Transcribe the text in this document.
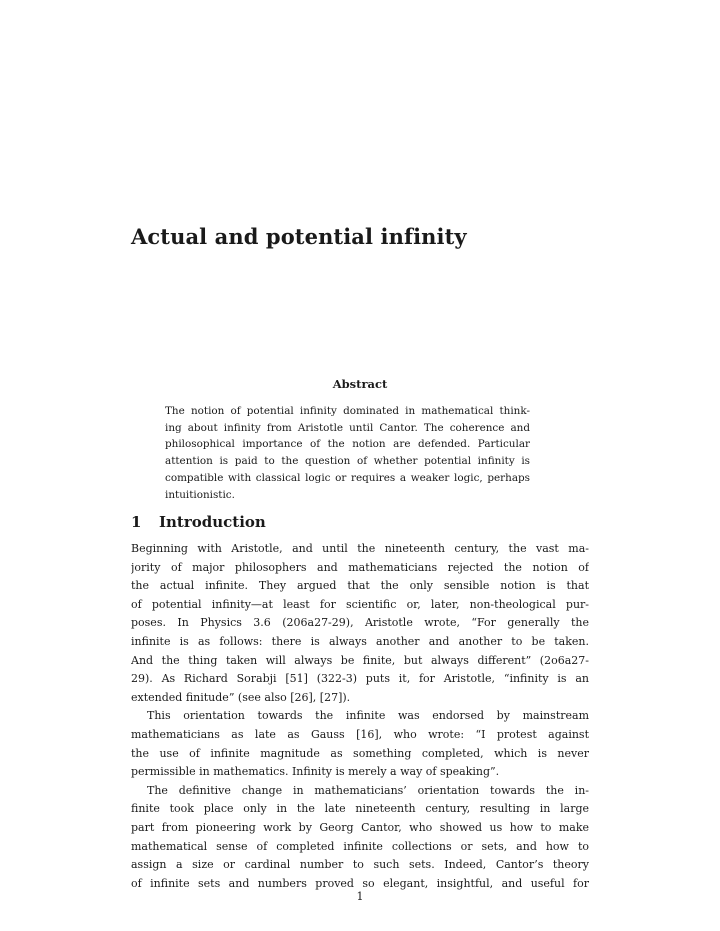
Actual and potential infinity
Abstract
The notion of potential infinity dominated in mathematical think-
ing about infinity from Aristotle until Cantor. The coherence and
philosophical importance of the notion are defended. Particular
attention is paid to the question of whether potential infinity is
compatible with classical logic or requires a weaker logic, perhaps
intuitionistic.
1 Introduction
Beginning with Aristotle, and until the nineteenth century, the vast ma-
jority of major philosophers and mathematicians rejected the notion of
the actual infinite. They argued that the only sensible notion is that
of potential infinity—at least for scientific or, later, non-theological pur-
poses. In Physics 3.6 (206a27-29), Aristotle wrote, “For generally the
infinite is as follows: there is always another and another to be taken.
And the thing taken will always be finite, but always different” (2o6a27-
29). As Richard Sorabji [51] (322-3) puts it, for Aristotle, “infinity is an
extended finitude” (see also [26], [27]).
This orientation towards the infinite was endorsed by mainstream
mathematicians as late as Gauss [16], who wrote: “I protest against
the use of infinite magnitude as something completed, which is never
permissible in mathematics. Infinity is merely a way of speaking”.
The definitive change in mathematicians’ orientation towards the in-
finite took place only in the late nineteenth century, resulting in large
part from pioneering work by Georg Cantor, who showed us how to make
mathematical sense of completed infinite collections or sets, and how to
assign a size or cardinal number to such sets. Indeed, Cantor’s theory
of infinite sets and numbers proved so elegant, insightful, and useful for
1
